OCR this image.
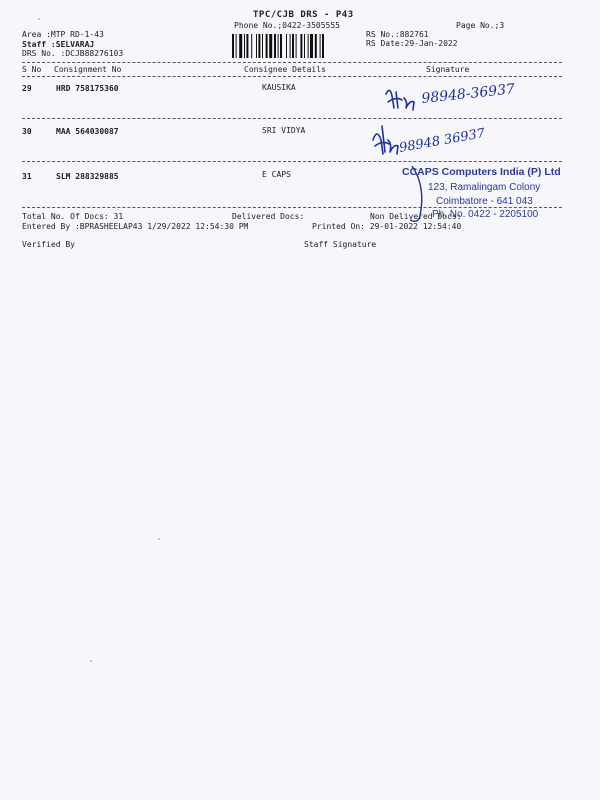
TPC/CJB DRS - P43
Phone No.;0422-3505555	Page No.;3
Area :MTP RD-1-43
Staff :SELVARAJ
DRS No. :DCJB88276103
RS No.:882761
RS Date:29-Jan-2022
S No Consignment No	Consignee Details	Signature
29	HRD 758175360	KAUSIKA
30	MAA 564030087	SRI VIDYA
31	SLM 288329885	E CAPS
98948-36937
98948 36937
CCAPS Computers India (P) Ltd
123, Ramalingam Colony
Coimbatore - 641 043
Ph. No. 0422 - 2205100
Total No. Of Docs: 31	Delivered Docs:	Non Delivered Docs:
Entered By :BPRASHEELAP43 1/29/2022 12:54:30 PM	Printed On: 29-01-2022 12:54:40
Verified By	Staff Signature
